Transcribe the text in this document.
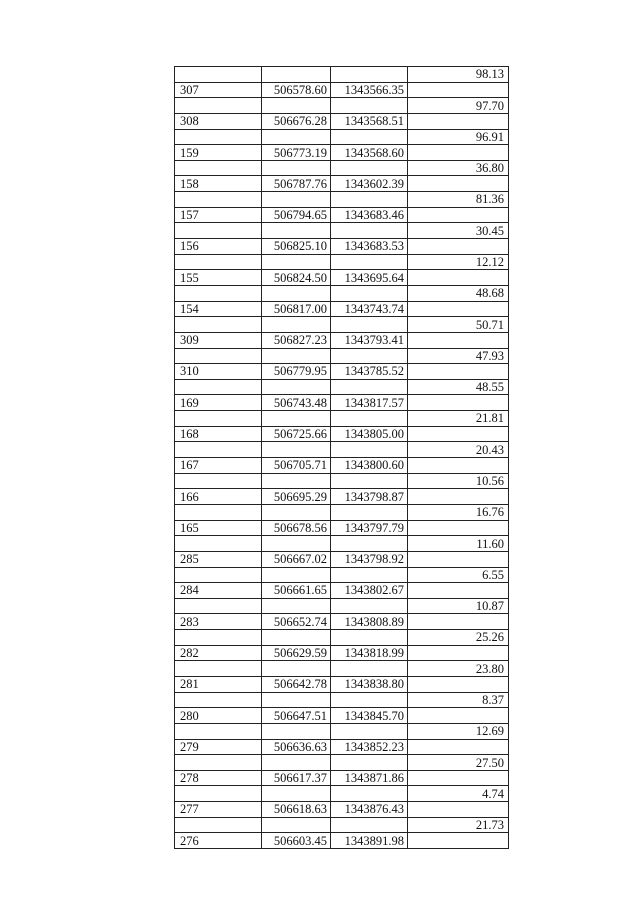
			98.13
307	506578.60	1343566.35	
			97.70
308	506676.28	1343568.51	
			96.91
159	506773.19	1343568.60	
			36.80
158	506787.76	1343602.39	
			81.36
157	506794.65	1343683.46	
			30.45
156	506825.10	1343683.53	
			12.12
155	506824.50	1343695.64	
			48.68
154	506817.00	1343743.74	
			50.71
309	506827.23	1343793.41	
			47.93
310	506779.95	1343785.52	
			48.55
169	506743.48	1343817.57	
			21.81
168	506725.66	1343805.00	
			20.43
167	506705.71	1343800.60	
			10.56
166	506695.29	1343798.87	
			16.76
165	506678.56	1343797.79	
			11.60
285	506667.02	1343798.92	
			6.55
284	506661.65	1343802.67	
			10.87
283	506652.74	1343808.89	
			25.26
282	506629.59	1343818.99	
			23.80
281	506642.78	1343838.80	
			8.37
280	506647.51	1343845.70	
			12.69
279	506636.63	1343852.23	
			27.50
278	506617.37	1343871.86	
			4.74
277	506618.63	1343876.43	
			21.73
276	506603.45	1343891.98	
